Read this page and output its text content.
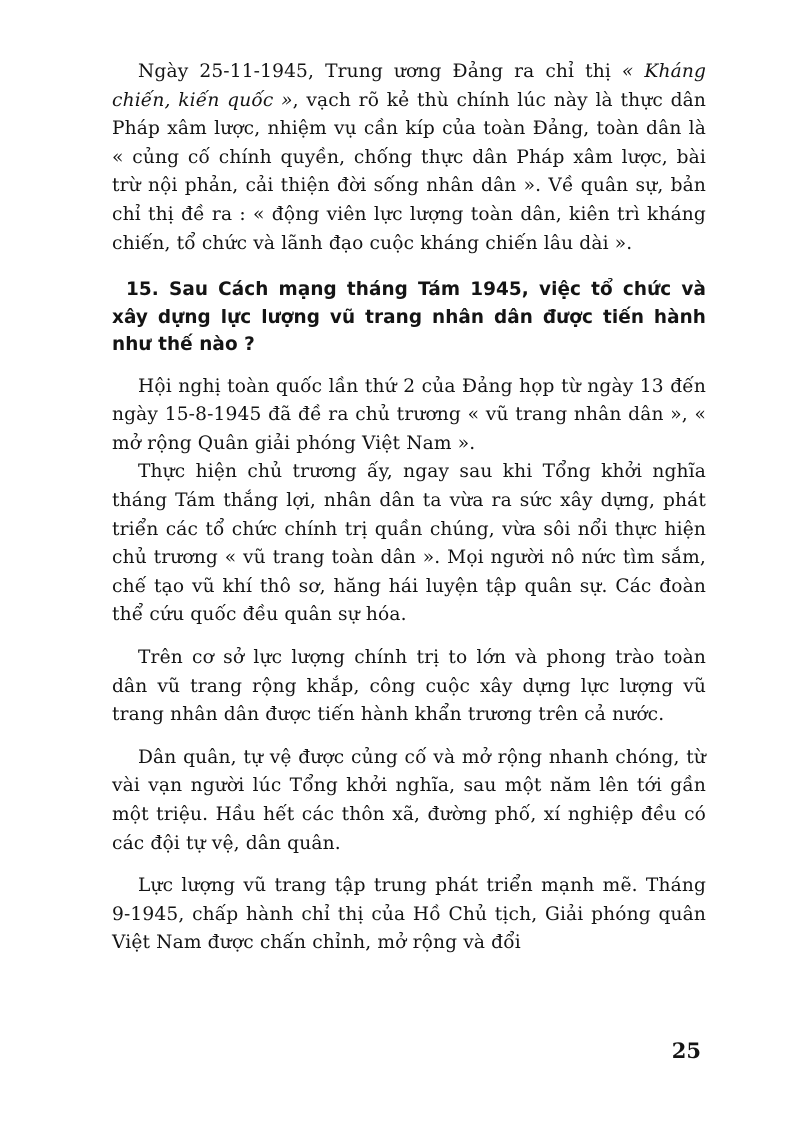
Ngày 25-11-1945, Trung ương Đảng ra chỉ thị « Kháng chiến, kiến quốc », vạch rõ kẻ thù chính lúc này là thực dân Pháp xâm lược, nhiệm vụ cần kíp của toàn Đảng, toàn dân là « củng cố chính quyền, chống thực dân Pháp xâm lược, bài trừ nội phản, cải thiện đời sống nhân dân ». Về quân sự, bản chỉ thị đề ra : « động viên lực lượng toàn dân, kiên trì kháng chiến, tổ chức và lãnh đạo cuộc kháng chiến lâu dài ».

15. Sau Cách mạng tháng Tám 1945, việc tổ chức và xây dựng lực lượng vũ trang nhân dân được tiến hành như thế nào ?

Hội nghị toàn quốc lần thứ 2 của Đảng họp từ ngày 13 đến ngày 15-8-1945 đã đề ra chủ trương « vũ trang nhân dân », « mở rộng Quân giải phóng Việt Nam ».

Thực hiện chủ trương ấy, ngay sau khi Tổng khởi nghĩa tháng Tám thắng lợi, nhân dân ta vừa ra sức xây dựng, phát triển các tổ chức chính trị quần chúng, vừa sôi nổi thực hiện chủ trương « vũ trang toàn dân ». Mọi người nô nức tìm sắm, chế tạo vũ khí thô sơ, hăng hái luyện tập quân sự. Các đoàn thể cứu quốc đều quân sự hóa.

Trên cơ sở lực lượng chính trị to lớn và phong trào toàn dân vũ trang rộng khắp, công cuộc xây dựng lực lượng vũ trang nhân dân được tiến hành khẩn trương trên cả nước.

Dân quân, tự vệ được củng cố và mở rộng nhanh chóng, từ vài vạn người lúc Tổng khởi nghĩa, sau một năm lên tới gần một triệu. Hầu hết các thôn xã, đường phố, xí nghiệp đều có các đội tự vệ, dân quân.

Lực lượng vũ trang tập trung phát triển mạnh mẽ. Tháng 9-1945, chấp hành chỉ thị của Hồ Chủ tịch, Giải phóng quân Việt Nam được chấn chỉnh, mở rộng và đổi

25
